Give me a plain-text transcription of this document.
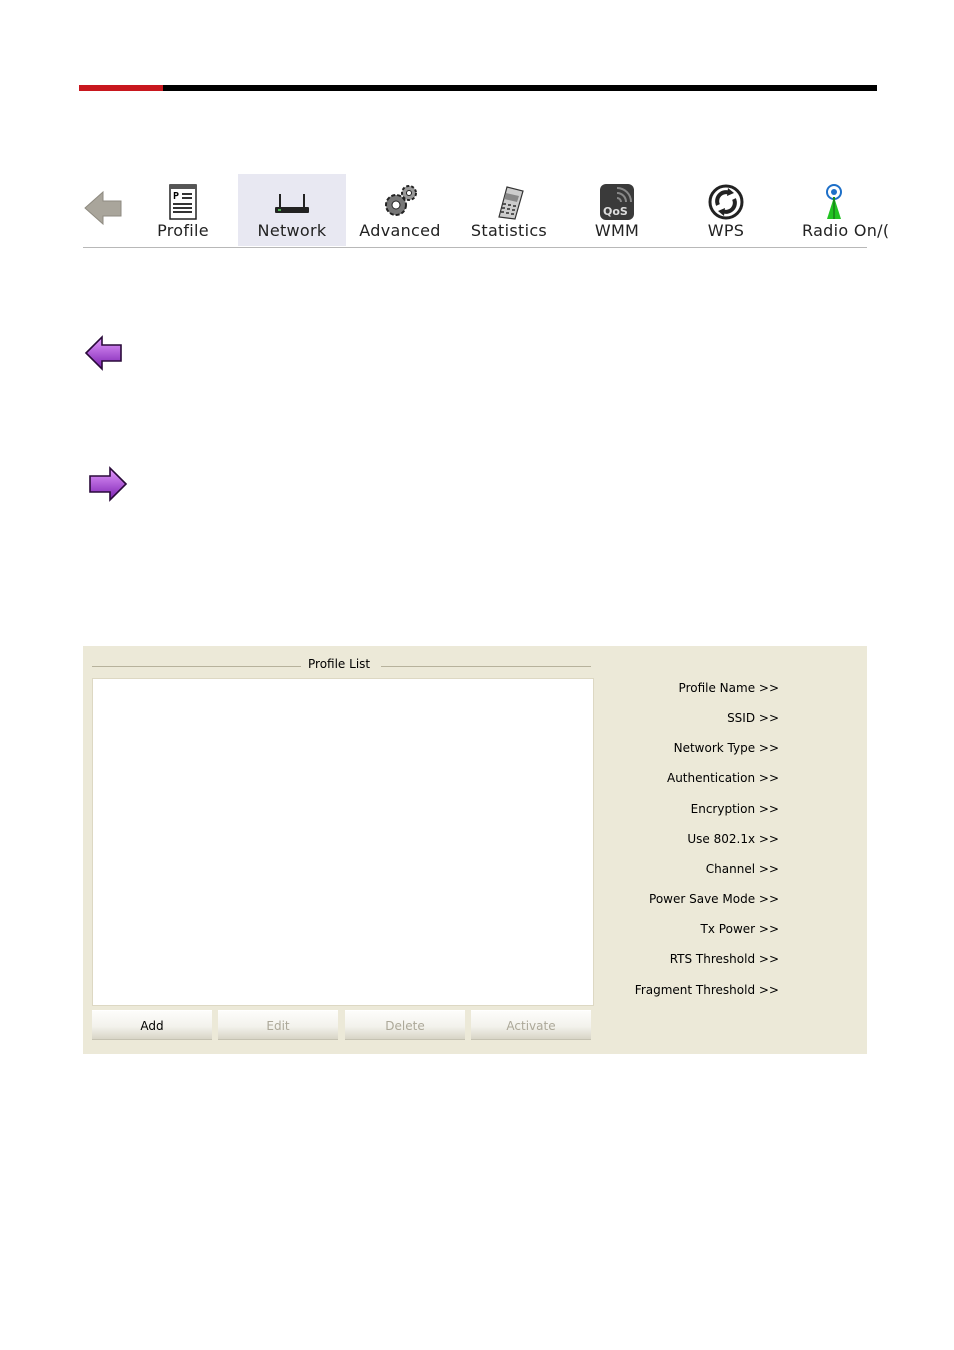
P
Profile	Network	Advanced	Statistics
QoS
WMM	WPS	Radio On/(
Profile List
Add	Edit	Delete	Activate
Profile Name >>
SSID >>
Network Type >>
Authentication >>
Encryption >>
Use 802.1x >>
Channel >>
Power Save Mode >>
Tx Power >>
RTS Threshold >>
Fragment Threshold >>
